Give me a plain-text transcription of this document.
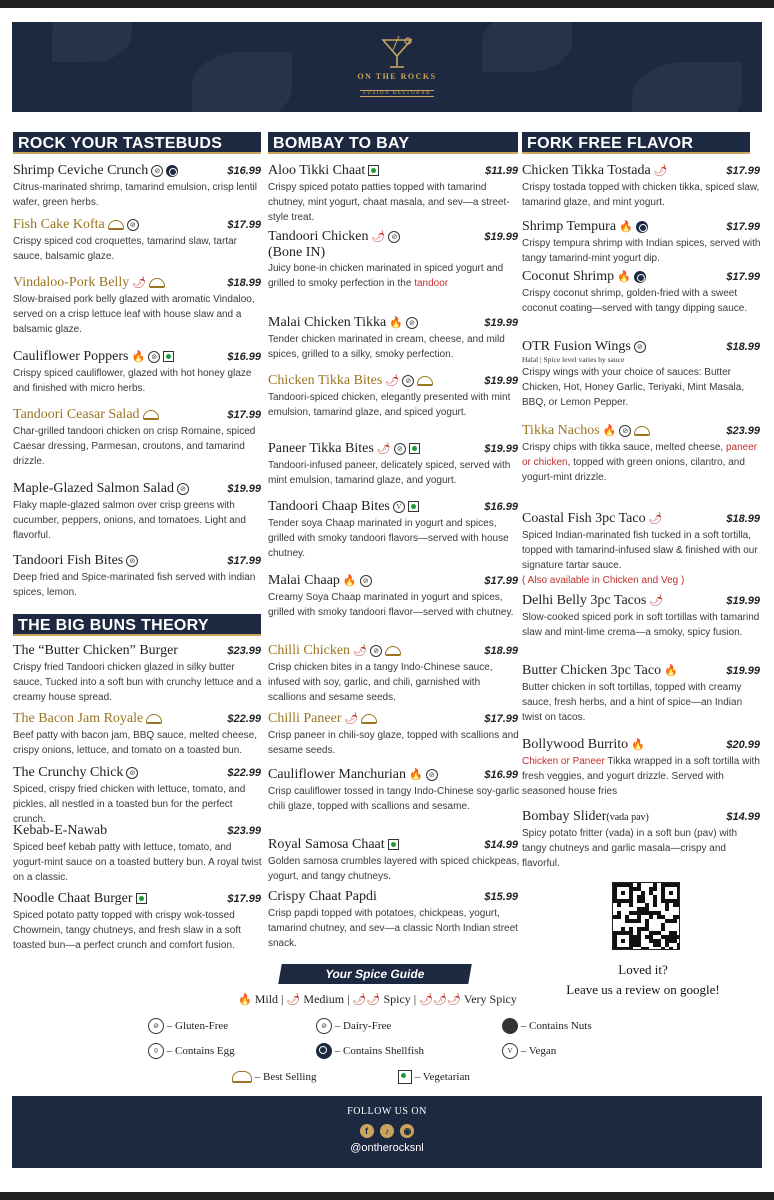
ON THE ROCKS
FUSION RESTOBAR
ROCK YOUR TASTEBUDS
Shrimp Ceviche Crunch ⊘	$16.99
Citrus-marinated shrimp, tamarind emulsion, crisp lentil wafer, green herbs.
Fish Cake Kofta	⊘	$17.99
Crispy spiced cod croquettes, tamarind slaw, tartar sauce, balsamic glaze.
Vindaloo-Pork Belly 🌶	$18.99
Slow-braised pork belly glazed with aromatic Vindaloo, served on a crisp lettuce leaf with house slaw and a balsamic glaze.
Cauliflower Poppers 🔥 ⊘	$16.99
Crispy spiced cauliflower, glazed with hot honey glaze and finished with micro herbs.
Tandoori Ceasar Salad	$17.99
Char-grilled tandoori chicken on crisp Romaine, spiced Caesar dressing, Parmesan, croutons, and tamarind drizzle.
Maple-Glazed Salmon Salad ⊘	$19.99
Flaky maple-glazed salmon over crisp greens with cucumber, peppers, onions, and tomatoes. Light and flavorful.
Tandoori Fish Bites ⊘	$17.99
Deep fried and Spice-marinated fish served with indian spices, lemon.
THE BIG BUNS THEORY
The “Butter Chicken” Burger	$23.99
Crispy fried Tandoori chicken glazed in silky butter sauce, Tucked into a soft bun with crunchy lettuce and a creamy house spread.
The Bacon Jam Royale	$22.99
Beef patty with bacon jam, BBQ sauce, melted cheese, crispy onions, lettuce, and tomato on a toasted bun.
The Crunchy Chick ⊘	$22.99
Spiced, crispy fried chicken with lettuce, tomato, and pickles, all nestled in a toasted bun for the perfect crunch.
Kebab-E-Nawab	$23.99
Spiced beef kebab patty with lettuce, tomato, and yogurt-mint sauce on a toasted buttery bun. A royal twist on a classic.
Noodle Chaat Burger	$17.99
Spiced potato patty topped with crispy wok-tossed Chowmein, tangy chutneys, and fresh slaw in a soft toasted bun—a perfect crunch and comfort fusion.
BOMBAY TO BAY
Aloo Tikki Chaat	$11.99
Crispy spiced potato patties topped with tamarind chutney, mint yogurt, chaat masala, and sev—a street-style treat.
Tandoori Chicken 🌶 ⊘	$19.99
(Bone IN)
Juicy bone-in chicken marinated in spiced yogurt and grilled to smoky perfection in the tandoor
Malai Chicken Tikka 🔥 ⊘	$19.99
Tender chicken marinated in cream, cheese, and mild spices, grilled to a silky, smoky perfection.
Chicken Tikka Bites 🌶 ⊘	$19.99
Tandoori-spiced chicken, elegantly presented with mint emulsion, tamarind glaze, and spiced yogurt.
Paneer Tikka Bites 🌶 ⊘	$19.99
Tandoori-infused paneer, delicately spiced, served with mint emulsion, tamarind glaze, and yogurt.
Tandoori Chaap Bites V	$16.99
Tender soya Chaap marinated in yogurt and spices, grilled with smoky tandoori flavors—served with house chutney.
Malai Chaap 🔥 ⊘	$17.99
Creamy Soya Chaap marinated in yogurt and spices, grilled with smoky tandoori flavor—served with chutney.
Chilli Chicken 🌶 ⊘	$18.99
Crisp chicken bites in a tangy Indo-Chinese sauce, infused with soy, garlic, and chili, garnished with scallions and sesame seeds.
Chilli Paneer 🌶	$17.99
Crisp paneer in chili-soy glaze, topped with scallions and sesame seeds.
Cauliflower Manchurian 🔥 ⊘	$16.99
Crisp cauliflower tossed in tangy Indo-Chinese soy-garlic chili glaze, topped with scallions and sesame.
Royal Samosa Chaat	$14.99
Golden samosa crumbles layered with spiced chickpeas, yogurt, and tangy chutneys.
Crispy Chaat Papdi	$15.99
Crisp papdi topped with potatoes, chickpeas, yogurt, tamarind chutney, and sev—a classic North Indian street snack.
FORK FREE FLAVOR
Chicken Tikka Tostada 🌶	$17.99
Crispy tostada topped with chicken tikka, spiced slaw, tamarind glaze, and mint yogurt.
Shrimp Tempura 🔥	$17.99
Crispy tempura shrimp with Indian spices, served with tangy tamarind-mint yogurt dip.
Coconut Shrimp 🔥	$17.99
Crispy coconut shrimp, golden-fried with a sweet coconut coating—served with tangy dipping sauce.
OTR Fusion Wings ⊘	$18.99
Halal | Spice level varies by sauce
Crispy wings with your choice of sauces: Butter Chicken, Hot, Honey Garlic, Teriyaki, Mint Masala, BBQ, or Lemon Pepper.
Tikka Nachos 🔥 ⊘	$23.99
Crispy chips with tikka sauce, melted cheese, paneer or chicken, topped with green onions, cilantro, and yogurt-mint drizzle.
Coastal Fish 3pc Taco 🌶	$18.99
Spiced Indian-marinated fish tucked in a soft tortilla, topped with tamarind-infused slaw & finished with our signature tartar sauce.
( Also available in Chicken and Veg )
Delhi Belly 3pc Tacos 🌶	$19.99
Slow-cooked spiced pork in soft tortillas with tamarind slaw and mint-lime crema—a smoky, spicy fusion.
Butter Chicken 3pc Taco 🔥	$19.99
Butter chicken in soft tortillas, topped with creamy sauce, fresh herbs, and a hint of spice—an Indian twist on tacos.
Bollywood Burrito 🔥	$20.99
Chicken or Paneer Tikka wrapped in a soft tortilla with fresh veggies, and yogurt drizzle. Served with seasoned house fries
Bombay Slider(vada pav)	$14.99
Spicy potato fritter (vada) in a soft bun (pav) with tangy chutneys and garlic masala—crispy and flavorful.
Loved it?
Leave us a review on google!
Your Spice Guide
🔥 Mild | 🌶 Medium | 🌶🌶 Spicy | 🌶🌶🌶 Very Spicy
⊘ – Gluten-Free	⊘ – Dairy-Free	– Contains Nuts
0 – Contains Egg	– Contains Shellfish	V – Vegan
– Best Selling	– Vegetarian
FOLLOW US ON
f ♪ ◉
@ontherocksnl
